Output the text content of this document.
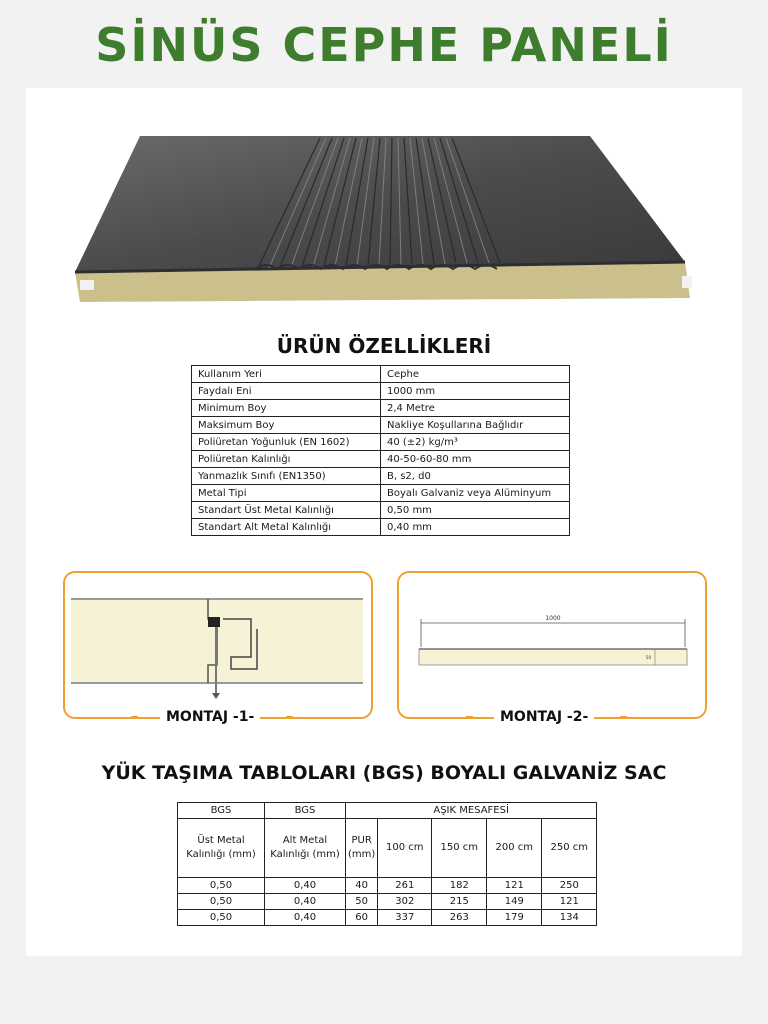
SİNÜS CEPHE PANELİ
ÜRÜN ÖZELLİKLERİ
Kullanım Yeri	Cephe
Faydalı Eni	1000 mm
Minimum Boy	2,4 Metre
Maksimum Boy	Nakliye Koşullarına Bağlıdır
Poliüretan Yoğunluk (EN 1602)	40 (±2) kg/m³
Poliüretan Kalınlığı	40-50-60-80 mm
Yanmazlık Sınıfı (EN1350)	B, s2, d0
Metal Tipi	Boyalı Galvaniz veya Alüminyum
Standart Üst Metal Kalınlığı	0,50 mm
Standart Alt Metal Kalınlığı	0,40 mm
MONTAJ -1-
1000
50
MONTAJ -2-
YÜK TAŞIMA TABLOLARI (BGS) BOYALI GALVANİZ SAC
BGS	BGS	AŞIK MESAFESİ				
Üst Metal Kalınlığı (mm)	Alt Metal Kalınlığı (mm)	PUR (mm)	100 cm	150 cm	200 cm	250 cm
0,50	0,40	40	261	182	121	250
0,50	0,40	50	302	215	149	121
0,50	0,40	60	337	263	179	134
